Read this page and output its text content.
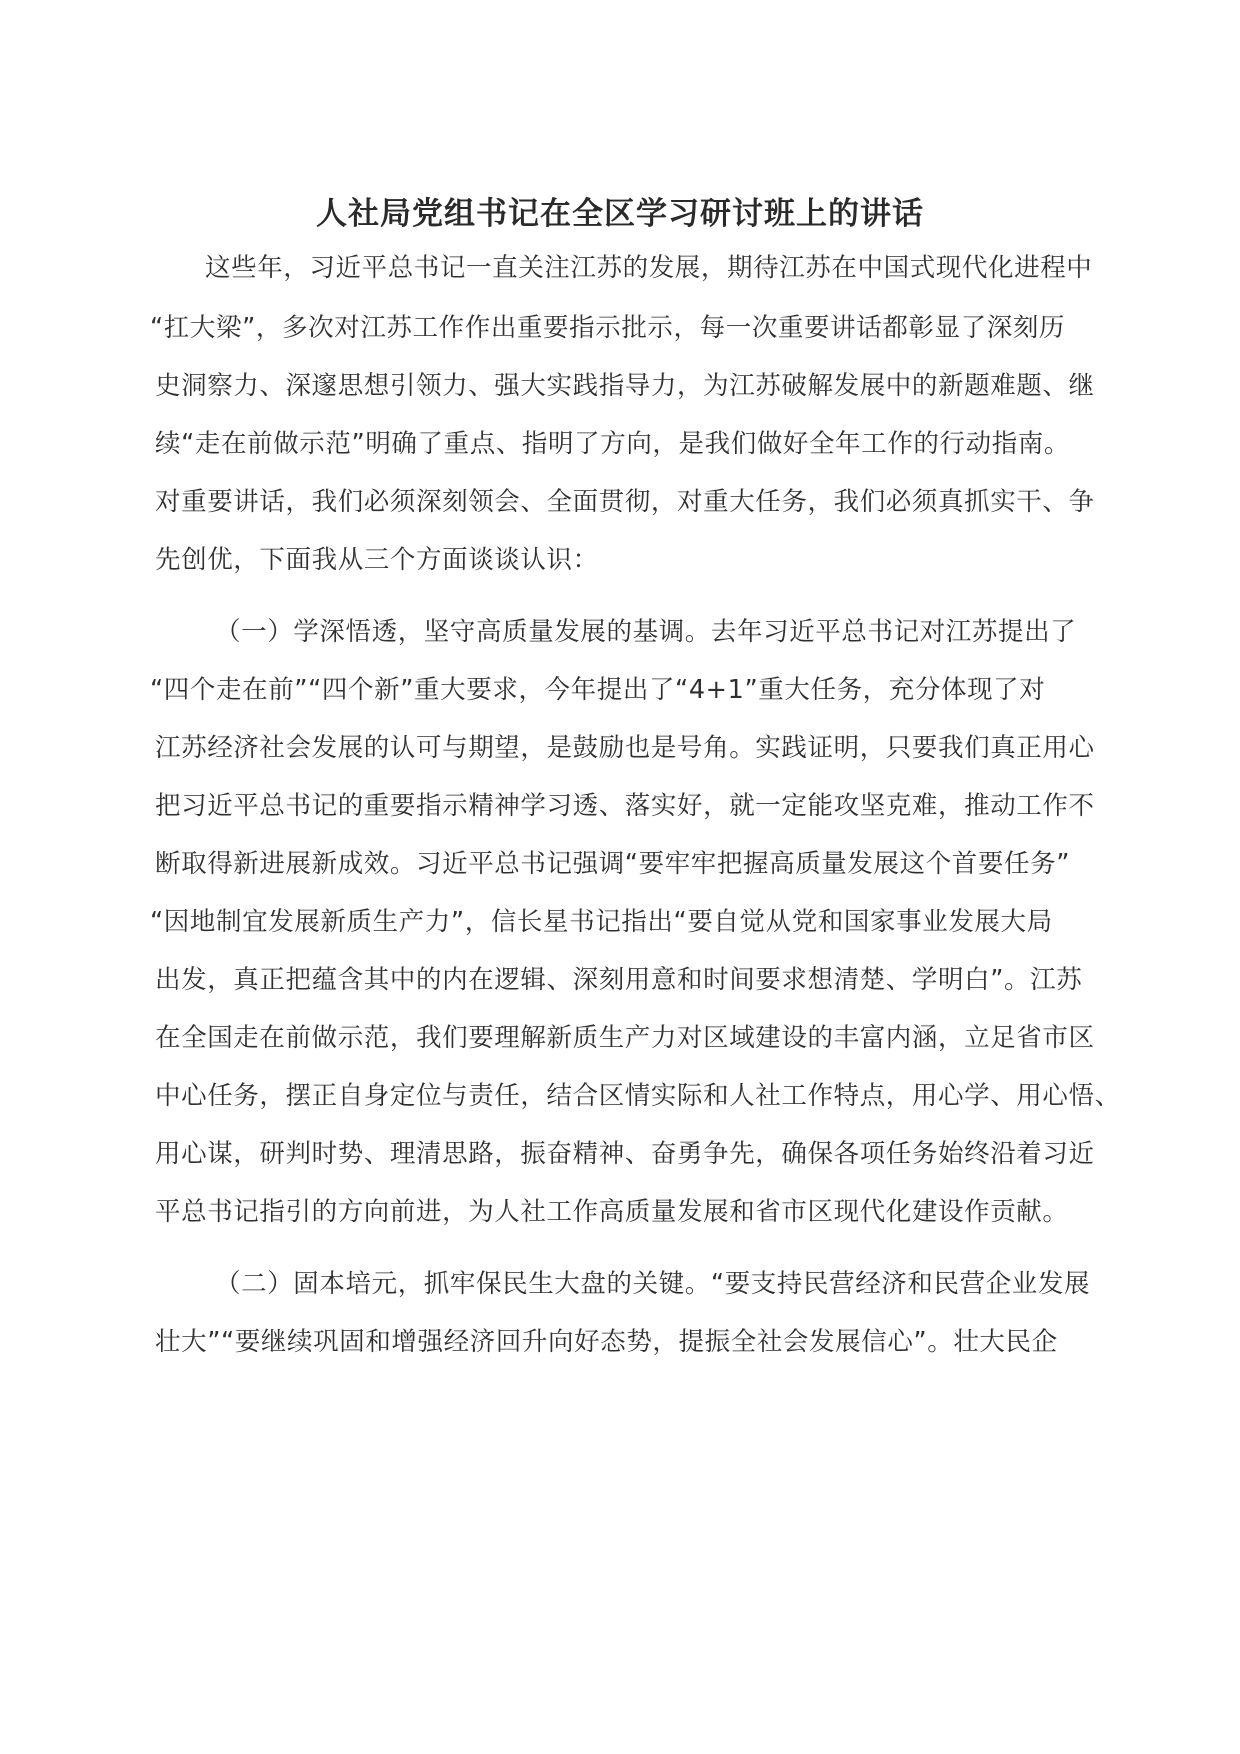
人社局党组书记在全区学习研讨班上的讲话
这些年，习近平总书记一直关注江苏的发展，期待江苏在中国式现代化进程中
“扛大梁”，多次对江苏工作作出重要指示批示，每一次重要讲话都彰显了深刻历
史洞察力、深邃思想引领力、强大实践指导力，为江苏破解发展中的新题难题、继
续“走在前做示范”明确了重点、指明了方向，是我们做好全年工作的行动指南。
对重要讲话，我们必须深刻领会、全面贯彻，对重大任务，我们必须真抓实干、争
先创优，下面我从三个方面谈谈认识：
（一）学深悟透，坚守高质量发展的基调。去年习近平总书记对江苏提出了
“四个走在前”“四个新”重大要求，今年提出了“4+1”重大任务，充分体现了对
江苏经济社会发展的认可与期望，是鼓励也是号角。实践证明，只要我们真正用心
把习近平总书记的重要指示精神学习透、落实好，就一定能攻坚克难，推动工作不
断取得新进展新成效。习近平总书记强调“要牢牢把握高质量发展这个首要任务”
“因地制宜发展新质生产力”，信长星书记指出“要自觉从党和国家事业发展大局
出发，真正把蕴含其中的内在逻辑、深刻用意和时间要求想清楚、学明白”。江苏
在全国走在前做示范，我们要理解新质生产力对区域建设的丰富内涵，立足省市区
中心任务，摆正自身定位与责任，结合区情实际和人社工作特点，用心学、用心悟、
用心谋，研判时势、理清思路，振奋精神、奋勇争先，确保各项任务始终沿着习近
平总书记指引的方向前进，为人社工作高质量发展和省市区现代化建设作贡献。
（二）固本培元，抓牢保民生大盘的关键。“要支持民营经济和民营企业发展
壮大”“要继续巩固和增强经济回升向好态势，提振全社会发展信心”。壮大民企
